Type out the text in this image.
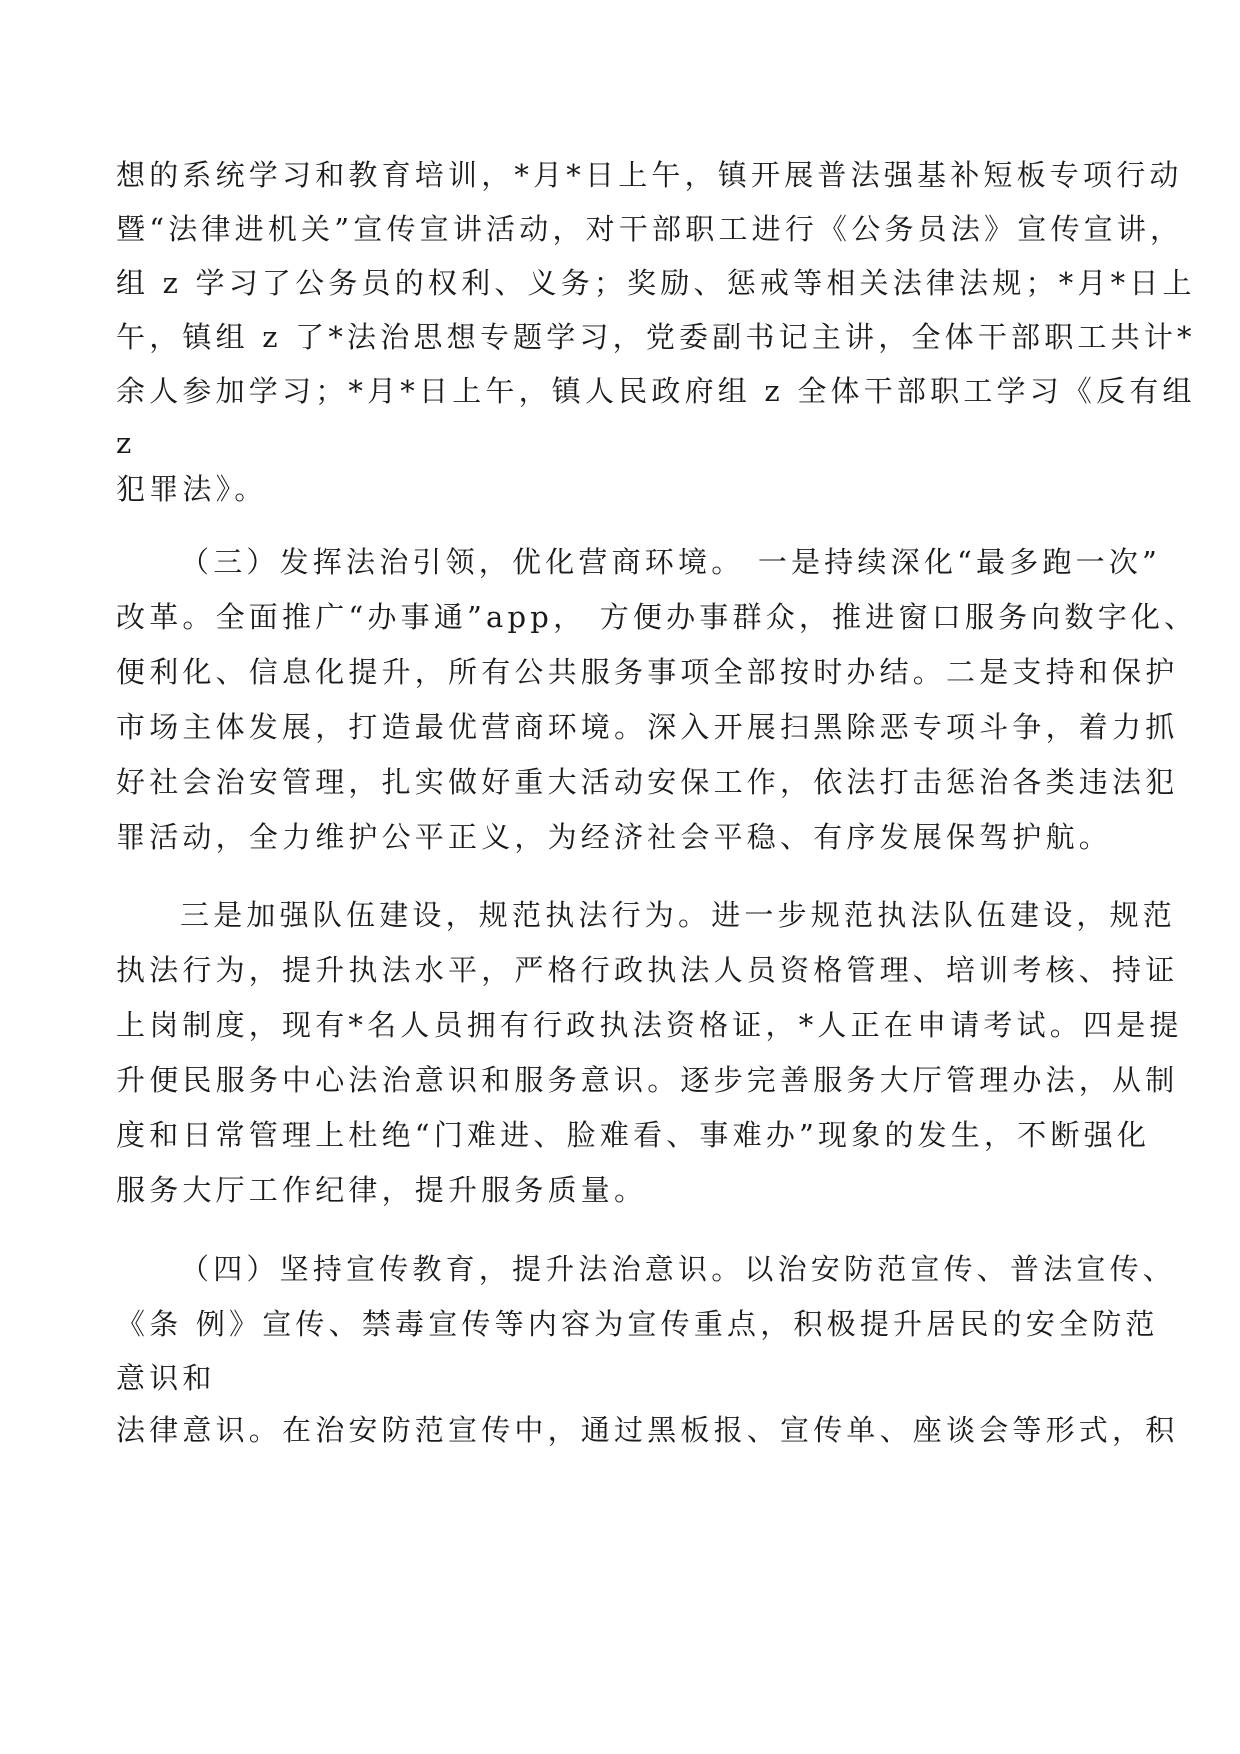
想的系统学习和教育培训，*月*日上午，镇开展普法强基补短板专项行动
暨“法律进机关”宣传宣讲活动，对干部职工进行《公务员法》宣传宣讲，
组 z 学习了公务员的权利、义务；奖励、惩戒等相关法律法规；*月*日上
午，镇组 z 了*法治思想专题学习，党委副书记主讲，全体干部职工共计*
余人参加学习；*月*日上午，镇人民政府组 z 全体干部职工学习《反有组
z
犯罪法》。
（三）发挥法治引领，优化营商环境。 一是持续深化“最多跑一次”
改革。全面推广“办事通”app， 方便办事群众，推进窗口服务向数字化、
便利化、信息化提升，所有公共服务事项全部按时办结。二是支持和保护
市场主体发展，打造最优营商环境。深入开展扫黑除恶专项斗争，着力抓
好社会治安管理，扎实做好重大活动安保工作，依法打击惩治各类违法犯
罪活动，全力维护公平正义，为经济社会平稳、有序发展保驾护航。
三是加强队伍建设，规范执法行为。进一步规范执法队伍建设，规范
执法行为，提升执法水平，严格行政执法人员资格管理、培训考核、持证
上岗制度，现有*名人员拥有行政执法资格证，*人正在申请考试。四是提
升便民服务中心法治意识和服务意识。逐步完善服务大厅管理办法，从制
度和日常管理上杜绝“门难进、脸难看、事难办”现象的发生，不断强化
服务大厅工作纪律，提升服务质量。
（四）坚持宣传教育，提升法治意识。以治安防范宣传、普法宣传、
《条 例》宣传、禁毒宣传等内容为宣传重点，积极提升居民的安全防范
意识和
法律意识。在治安防范宣传中，通过黑板报、宣传单、座谈会等形式，积
